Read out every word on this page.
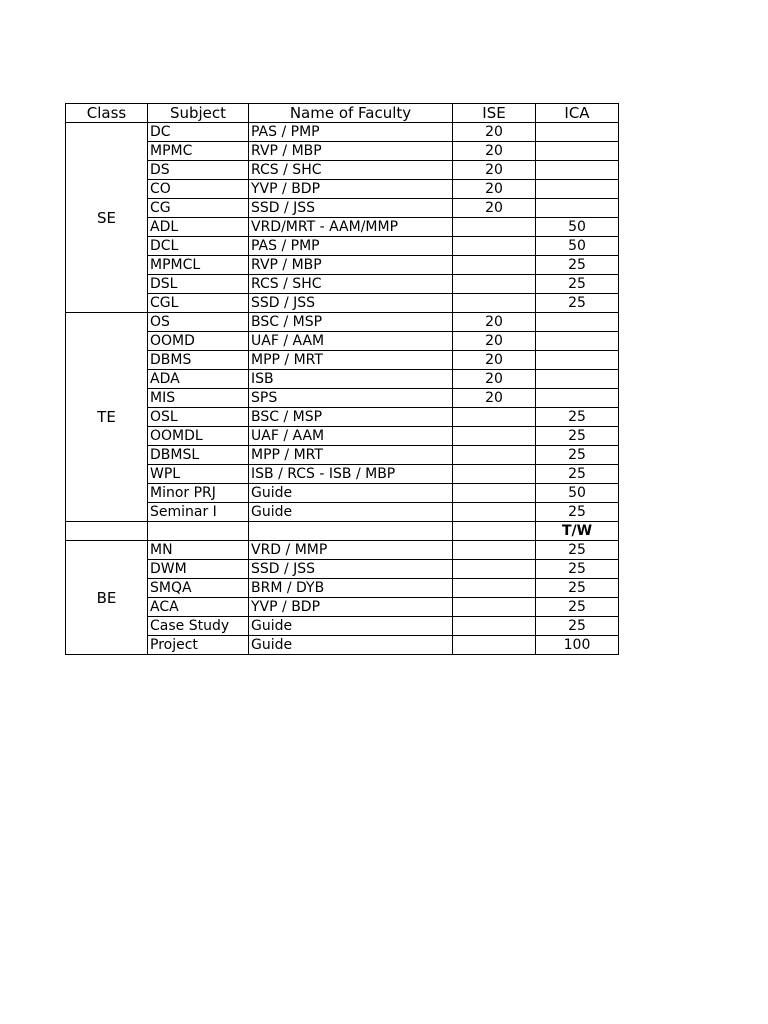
Class	Subject	Name of Faculty	ISE	ICA
SE	DC	PAS / PMP	20	
	MPMC	RVP / MBP	20	
	DS	RCS / SHC	20	
	CO	YVP / BDP	20	
	CG	SSD / JSS	20	
	ADL	VRD/MRT - AAM/MMP		50
	DCL	PAS / PMP		50
	MPMCL	RVP / MBP		25
	DSL	RCS / SHC		25
	CGL	SSD / JSS		25
TE	OS	BSC / MSP	20	
	OOMD	UAF / AAM	20	
	DBMS	MPP / MRT	20	
	ADA	ISB	20	
	MIS	SPS	20	
	OSL	BSC / MSP		25
	OOMDL	UAF / AAM		25
	DBMSL	MPP / MRT		25
	WPL	ISB / RCS - ISB / MBP		25
	Minor PRJ	Guide		50
	Seminar I	Guide		25
				T/W
BE	MN	VRD / MMP		25
	DWM	SSD / JSS		25
	SMQA	BRM / DYB		25
	ACA	YVP / BDP		25
	Case Study	Guide		25
	Project	Guide		100
